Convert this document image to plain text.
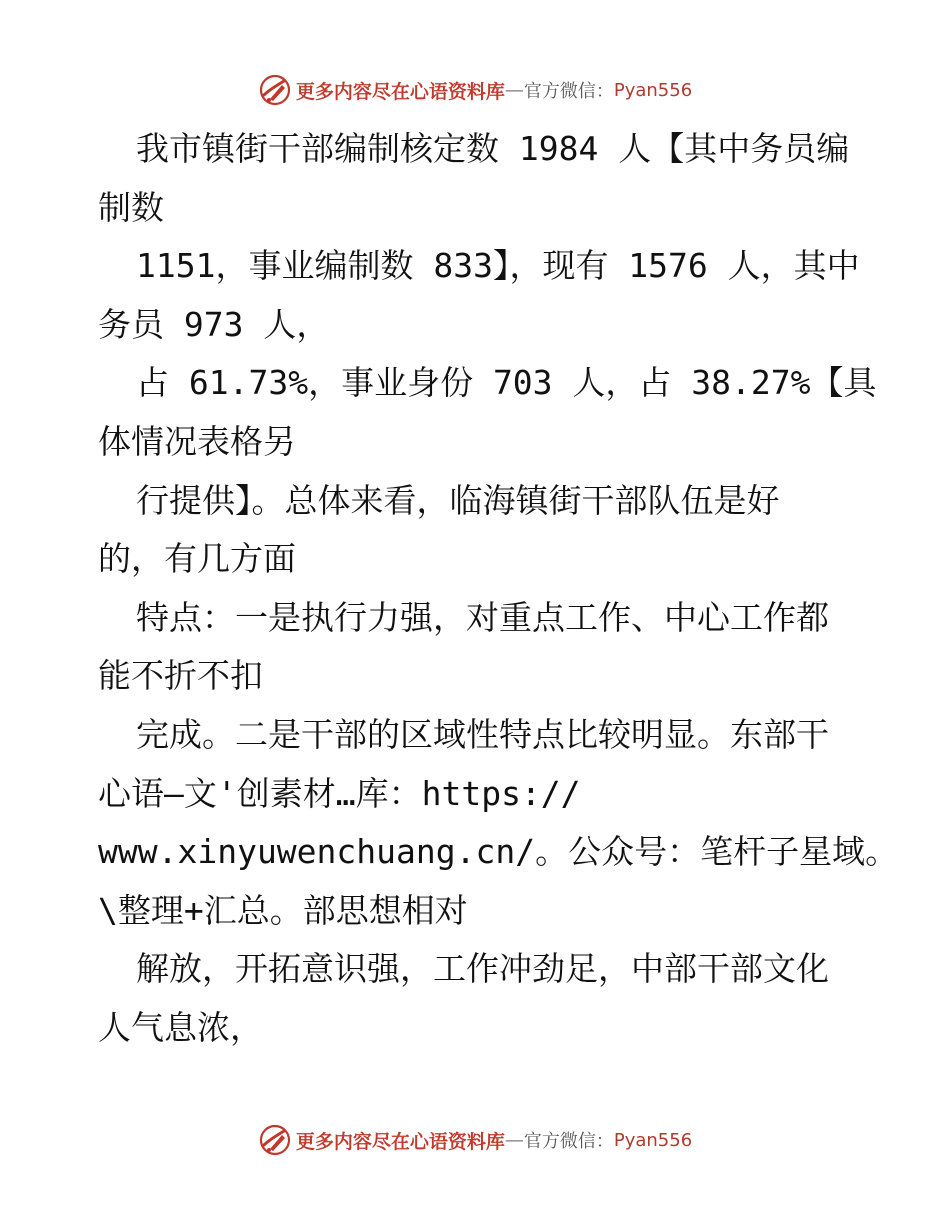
更多内容尽在心语资料库 — 官方微信： Pyan556
我市镇街干部编制核定数 1984 人【其中务员编
制数
1151，事业编制数 833】，现有 1576 人，其中
务员 973 人，
占 61.73%，事业身份 703 人，占 38.27%【具
体情况表格另
行提供】。总体来看，临海镇街干部队伍是好
的，有几方面
特点：一是执行力强，对重点工作、中心工作都
能不折不扣
完成。二是干部的区域性特点比较明显。东部干
心语—文'创素材…库：https://
www.xinyuwenchuang.cn/。公众号：笔杆子星域。
\整理+汇总。部思想相对
解放，开拓意识强，工作冲劲足，中部干部文化
人气息浓，
更多内容尽在心语资料库 — 官方微信： Pyan556
